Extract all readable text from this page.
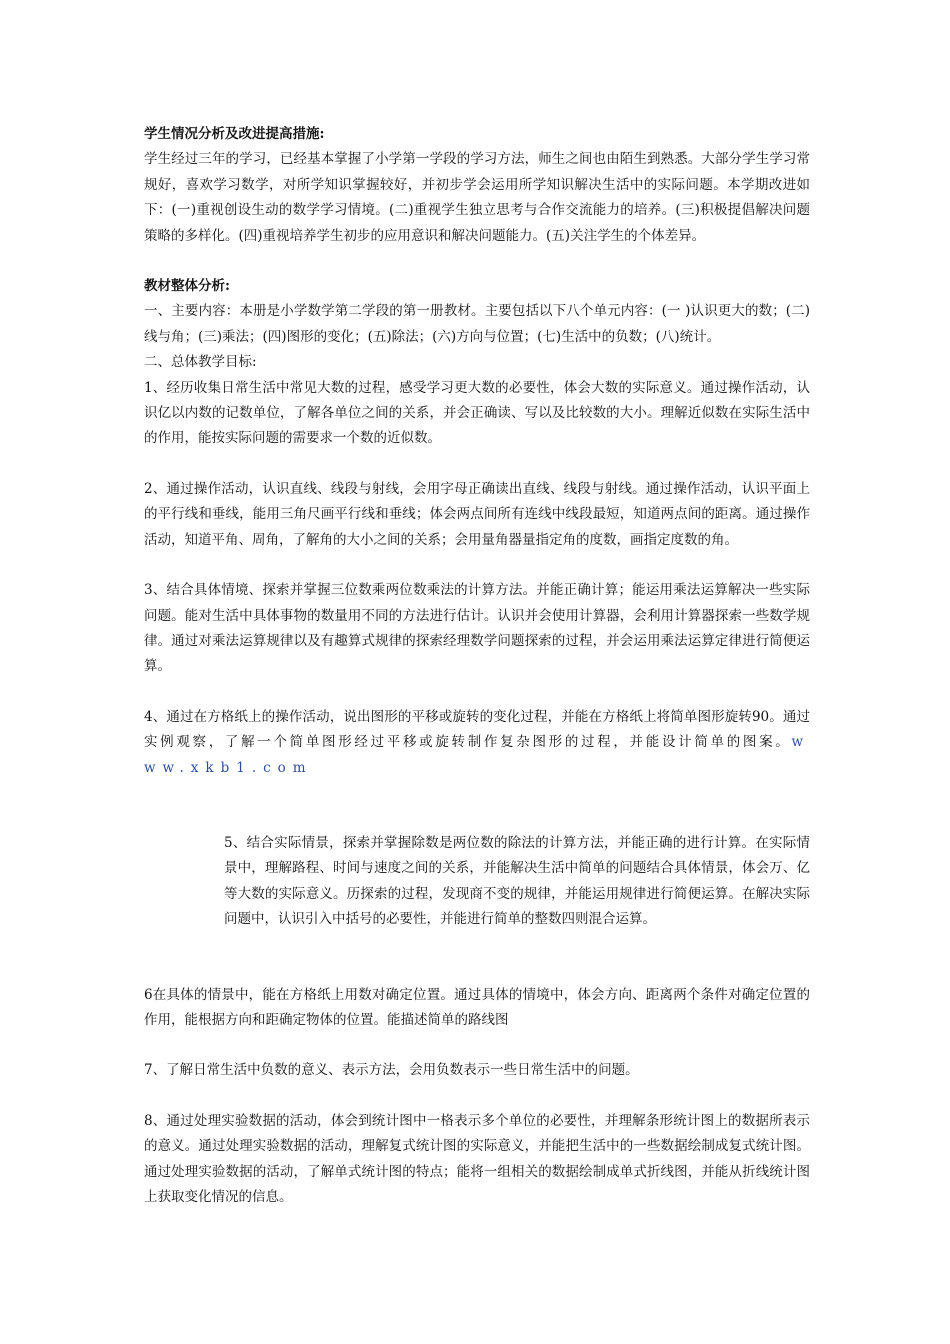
学生情况分析及改进提高措施:

学生经过三年的学习，已经基本掌握了小学第一学段的学习方法，师生之间也由陌生到熟悉。大部分学生学习常规好，喜欢学习数学，对所学知识掌握较好，并初步学会运用所学知识解决生活中的实际问题。本学期改进如下：(一)重视创设生动的数学学习情境。(二)重视学生独立思考与合作交流能力的培养。(三)积极提倡解决问题策略的多样化。(四)重视培养学生初步的应用意识和解决问题能力。(五)关注学生的个体差异。

教材整体分析:

一、主要内容：本册是小学数学第二学段的第一册教材。主要包括以下八个单元内容：(一 )认识更大的数；(二)线与角；(三)乘法；(四)图形的变化；(五)除法；(六)方向与位置；(七)生活中的负数；(八)统计。

二、总体教学目标:

1、经历收集日常生活中常见大数的过程，感受学习更大数的必要性，体会大数的实际意义。通过操作活动，认识亿以内数的记数单位，了解各单位之间的关系，并会正确读、写以及比较数的大小。理解近似数在实际生活中的作用，能按实际问题的需要求一个数的近似数。

2、通过操作活动，认识直线、线段与射线，会用字母正确读出直线、线段与射线。通过操作活动，认识平面上的平行线和垂线，能用三角尺画平行线和垂线；体会两点间所有连线中线段最短，知道两点间的距离。通过操作活动，知道平角、周角，了解角的大小之间的关系；会用量角器量指定角的度数，画指定度数的角。

3、结合具体情境、探索并掌握三位数乘两位数乘法的计算方法。并能正确计算；能运用乘法运算解决一些实际问题。能对生活中具体事物的数量用不同的方法进行估计。认识并会使用计算器，会利用计算器探索一些数学规律。通过对乘法运算规律以及有趣算式规律的探索经理数学问题探索的过程，并会运用乘法运算定律进行简便运算。

4、通过在方格纸上的操作活动，说出图形的平移或旋转的变化过程，并能在方格纸上将简单图形旋转90。通过实例观察，了解一个简单图形经过平移或旋转制作复杂图形的过程，并能设计简单的图案。w ww.xkb1.com

5、结合实际情景，探索并掌握除数是两位数的除法的计算方法，并能正确的进行计算。在实际情景中，理解路程、时间与速度之间的关系，并能解决生活中简单的问题结合具体情景，体会万、亿等大数的实际意义。历探索的过程，发现商不变的规律，并能运用规律进行简便运算。在解决实际问题中，认识引入中括号的必要性，并能进行简单的整数四则混合运算。

6在具体的情景中，能在方格纸上用数对确定位置。通过具体的情境中，体会方向、距离两个条件对确定位置的作用，能根据方向和距确定物体的位置。能描述简单的路线图

7、了解日常生活中负数的意义、表示方法，会用负数表示一些日常生活中的问题。

8、通过处理实验数据的活动，体会到统计图中一格表示多个单位的必要性，并理解条形统计图上的数据所表示的意义。通过处理实验数据的活动，理解复式统计图的实际意义，并能把生活中的一些数据绘制成复式统计图。通过处理实验数据的活动，了解单式统计图的特点；能将一组相关的数据绘制成单式折线图，并能从折线统计图上获取变化情况的信息。
